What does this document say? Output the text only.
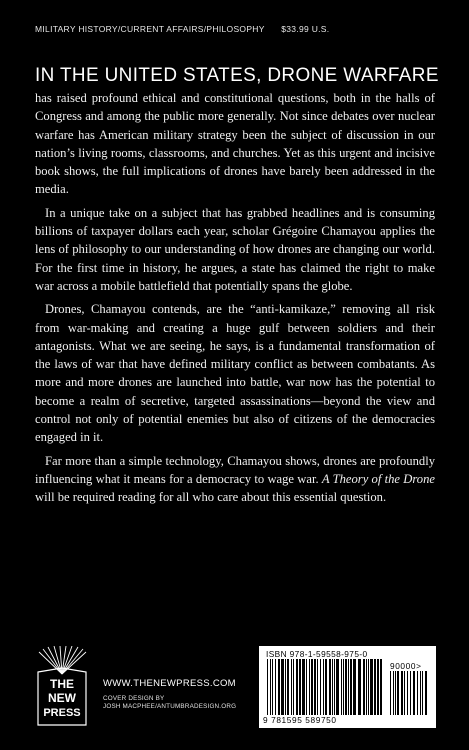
MILITARY HISTORY/CURRENT AFFAIRS/PHILOSOPHY $33.99 U.S.
IN THE UNITED STATES, DRONE WARFARE

has raised profound ethical and constitutional questions, both in the halls of Congress and among the public more generally. Not since debates over nuclear warfare has American military strategy been the subject of discussion in our nation’s living rooms, classrooms, and churches. Yet as this urgent and incisive book shows, the full implications of drones have barely been addressed in the media.

In a unique take on a subject that has grabbed headlines and is consuming billions of taxpayer dollars each year, scholar Grégoire Chamayou applies the lens of philosophy to our understanding of how drones are changing our world. For the first time in history, he argues, a state has claimed the right to make war across a mobile battlefield that potentially spans the globe.

Drones, Chamayou contends, are the “anti-kamikaze,” removing all risk from war-making and creating a huge gulf between soldiers and their antagonists. What we are seeing, he says, is a fundamental transformation of the laws of war that have defined military conflict as between combatants. As more and more drones are launched into battle, war now has the potential to become a realm of secretive, targeted assassinations—beyond the view and control not only of potential enemies but also of citizens of the democracies engaged in it.

Far more than a simple technology, Chamayou shows, drones are profoundly influencing what it means for a democracy to wage war. A Theory of the Drone will be required reading for all who care about this essential question.

THE
NEW
PRESS
WWW.THENEWPRESS.COM
COVER DESIGN BY
JOSH MACPHEE/ANTUMBRADESIGN.ORG
ISBN 978-1-59558-975-0
90000>
9 781595 589750
